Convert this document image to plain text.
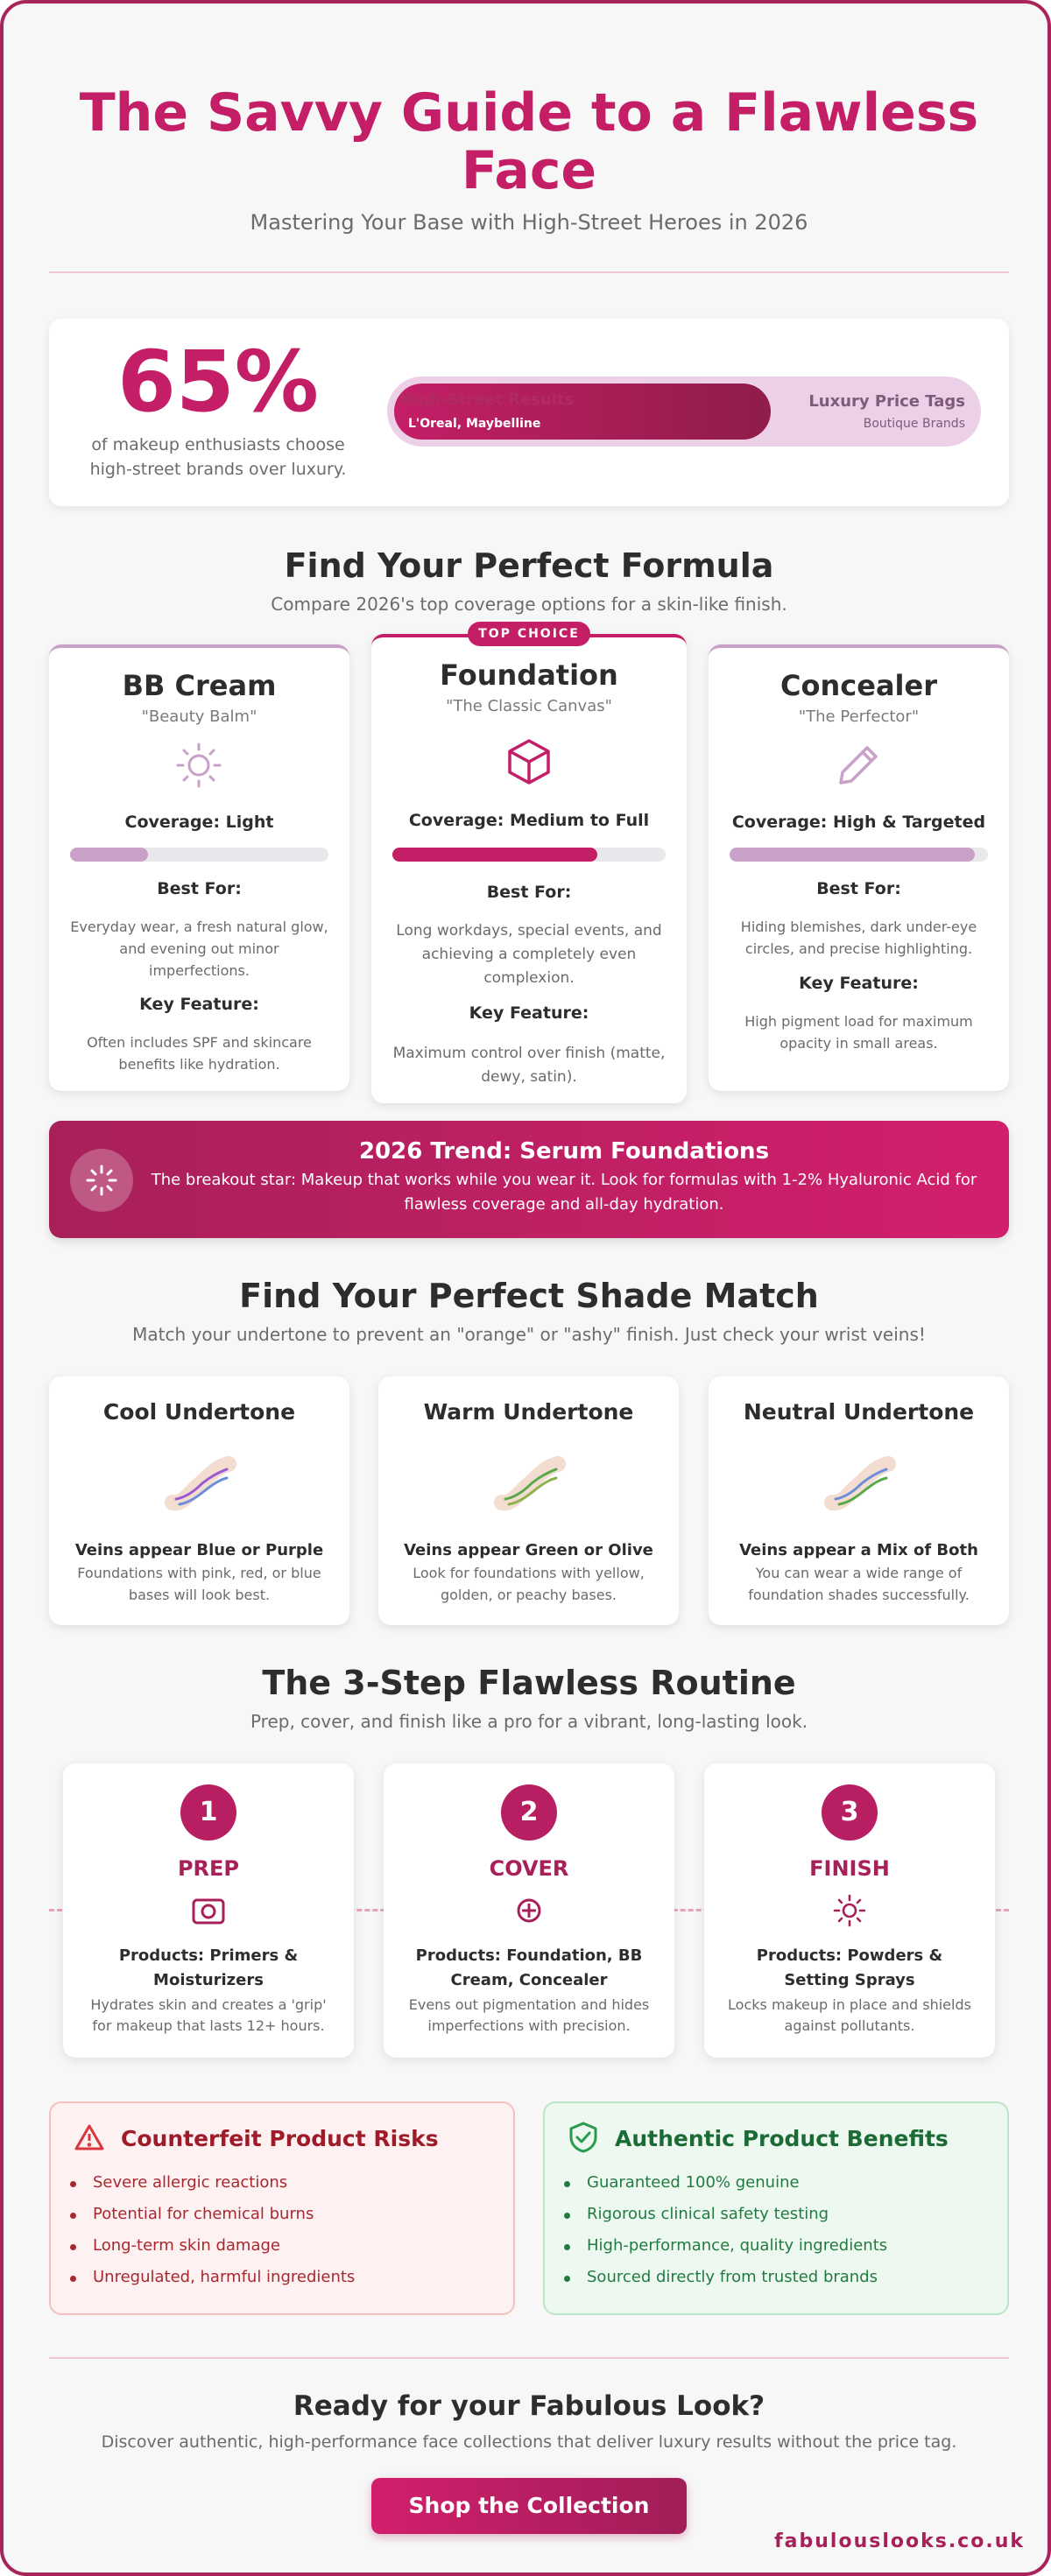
The Savvy Guide to a Flawless
Face
Mastering Your Base with High-Street Heroes in 2026
65%
of makeup enthusiasts choose
high-street brands over luxury.
High-Street Results
L'Oreal, Maybelline
Luxury Price Tags
Boutique Brands
Find Your Perfect Formula
Compare 2026's top coverage options for a skin-like finish.
BB Cream
"Beauty Balm"
Coverage: Light
Best For:
Everyday wear, a fresh natural glow,
and evening out minor
imperfections.
Key Feature:
Often includes SPF and skincare
benefits like hydration.
Foundation
"The Classic Canvas"
Coverage: Medium to Full
Best For:
Long workdays, special events, and
achieving a completely even
complexion.
Key Feature:
Maximum control over finish (matte,
dewy, satin).
TOP CHOICE
Concealer
"The Perfector"
Coverage: High & Targeted
Best For:
Hiding blemishes, dark under-eye
circles, and precise highlighting.
Key Feature:
High pigment load for maximum
opacity in small areas.
2026 Trend: Serum Foundations
The breakout star: Makeup that works while you wear it. Look for formulas with 1-2% Hyaluronic Acid for
flawless coverage and all-day hydration.
Find Your Perfect Shade Match
Match your undertone to prevent an "orange" or "ashy" finish. Just check your wrist veins!
Cool Undertone
Veins appear Blue or Purple
Foundations with pink, red, or blue
bases will look best.
Warm Undertone
Veins appear Green or Olive
Look for foundations with yellow,
golden, or peachy bases.
Neutral Undertone
Veins appear a Mix of Both
You can wear a wide range of
foundation shades successfully.
The 3-Step Flawless Routine
Prep, cover, and finish like a pro for a vibrant, long-lasting look.
1
PREP
Products: Primers &
Moisturizers
Hydrates skin and creates a 'grip'
for makeup that lasts 12+ hours.
2
COVER
Products: Foundation, BB
Cream, Concealer
Evens out pigmentation and hides
imperfections with precision.
3
FINISH
Products: Powders &
Setting Sprays
Locks makeup in place and shields
against pollutants.
Counterfeit Product Risks
Severe allergic reactions
Potential for chemical burns
Long-term skin damage
Unregulated, harmful ingredients
Authentic Product Benefits
Guaranteed 100% genuine
Rigorous clinical safety testing
High-performance, quality ingredients
Sourced directly from trusted brands
Ready for your Fabulous Look?
Discover authentic, high-performance face collections that deliver luxury results without the price tag.
Shop the Collection
fabulouslooks.co.uk
